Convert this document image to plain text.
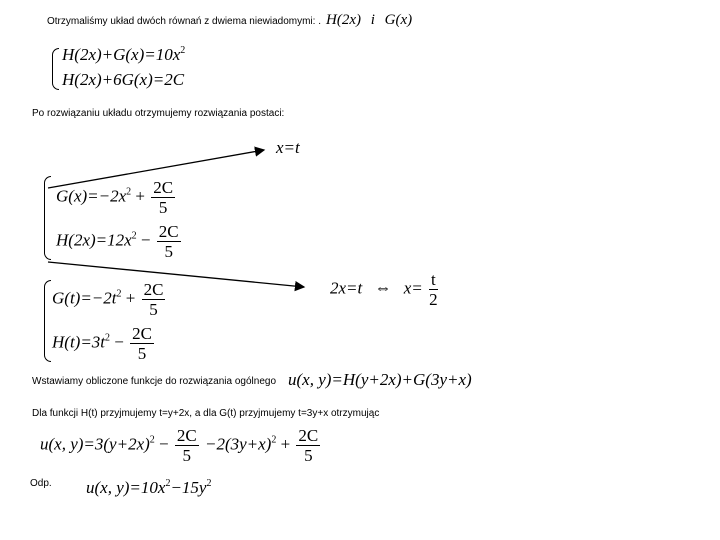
Otrzymaliśmy układ dwóch równań z dwiema niewiadomymi: . H(2x) i G(x)
$H(2x)+G(x)=10x^2$
H(2x)+6G(x)=2C
Po rozwiązaniu układu otrzymujemy rozwiązania postaci:
x=t
$G(x)=-2x^2 + \frac{2C}{5}$
$H(2x)=12x^2 - \frac{2C}{5}$
2x=t ⇔ $x= \frac{t}{2}$
$G(t)=-2t^2 + \frac{2C}{5}$
$H(t)=3t^2 - \frac{2C}{5}$
Wstawiamy obliczone funkcje do rozwiązania ogólnego u(x, y)=H(y+2x)+G(3y+x)
Dla funkcji H(t) przyjmujemy t=y+2x, a dla G(t) przyjmujemy t=3y+x otrzymując
u(x, $y)=3(y+2x)^2 - \frac{2C}{5} -2(3y+x)^2 + \frac{2C}{5}$
Odp. u(x, $y)=10x^2-15y^2$
